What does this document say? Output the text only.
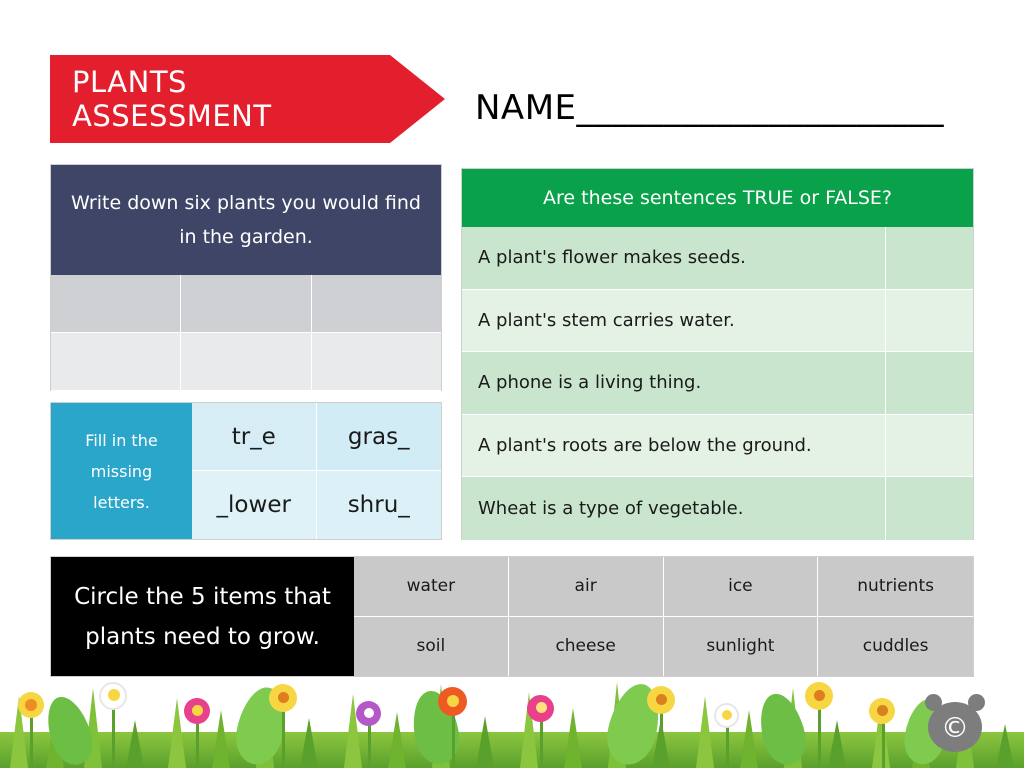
PLANTS ASSESSMENT	NAME_____________________
Write down six plants you would find in the garden.
Fill in the missing letters.
tr_e	gras_
_lower	shru_
Are these sentences TRUE or FALSE?
A plant's flower makes seeds.
A plant's stem carries water.
A phone is a living thing.
A plant's roots are below the ground.
Wheat is a type of vegetable.
Circle the 5 items that plants need to grow.
water	air	ice	nutrients
soil	cheese	sunlight	cuddles
©
